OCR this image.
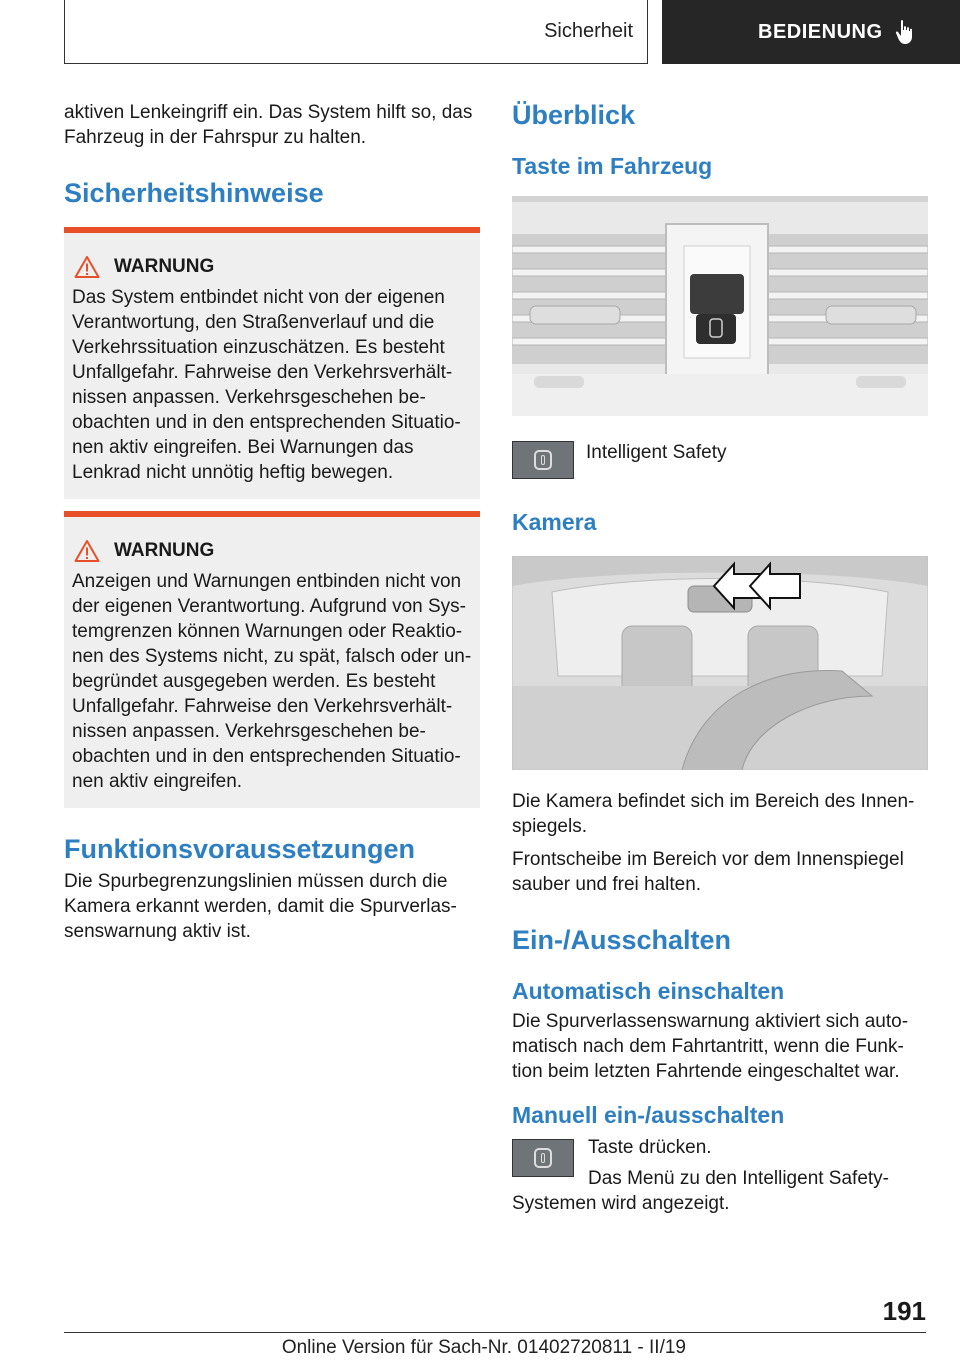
Sicherheit	BEDIENUNG

aktiven Lenkeingriff ein. Das System hilft so, das Fahrzeug in der Fahrspur zu halten.

Sicherheitshinweise
WARNUNG

Das System entbindet nicht von der eigenen Verantwortung, den Straßenverlauf und die Verkehrssituation einzuschätzen. Es besteht Unfallgefahr. Fahrweise den Verkehrsverhältnissen anpassen. Verkehrsgeschehen beobachten und in den entsprechenden Situationen aktiv eingreifen. Bei Warnungen das Lenkrad nicht unnötig heftig bewegen.

WARNUNG

Anzeigen und Warnungen entbinden nicht von der eigenen Verantwortung. Aufgrund von Systemgrenzen können Warnungen oder Reaktionen des Systems nicht, zu spät, falsch oder unbegründet ausgegeben werden. Es besteht Unfallgefahr. Fahrweise den Verkehrsverhältnissen anpassen. Verkehrsgeschehen beobachten und in den entsprechenden Situationen aktiv eingreifen.

Funktionsvoraussetzungen

Die Spurbegrenzungslinien müssen durch die Kamera erkannt werden, damit die Spurverlassenswarnung aktiv ist.

Überblick
Taste im Fahrzeug

Intelligent Safety

Kamera

Die Kamera befindet sich im Bereich des Innenspiegels.

Frontscheibe im Bereich vor dem Innenspiegel sauber und frei halten.

Ein-/Ausschalten
Automatisch einschalten

Die Spurverlassenswarnung aktiviert sich automatisch nach dem Fahrtantritt, wenn die Funktion beim letzten Fahrtende eingeschaltet war.

Manuell ein-/ausschalten

Taste drücken.

Das Menü zu den Intelligent Safety-Systemen wird angezeigt.

191
Online Version für Sach-Nr. 01402720811 - II/19
